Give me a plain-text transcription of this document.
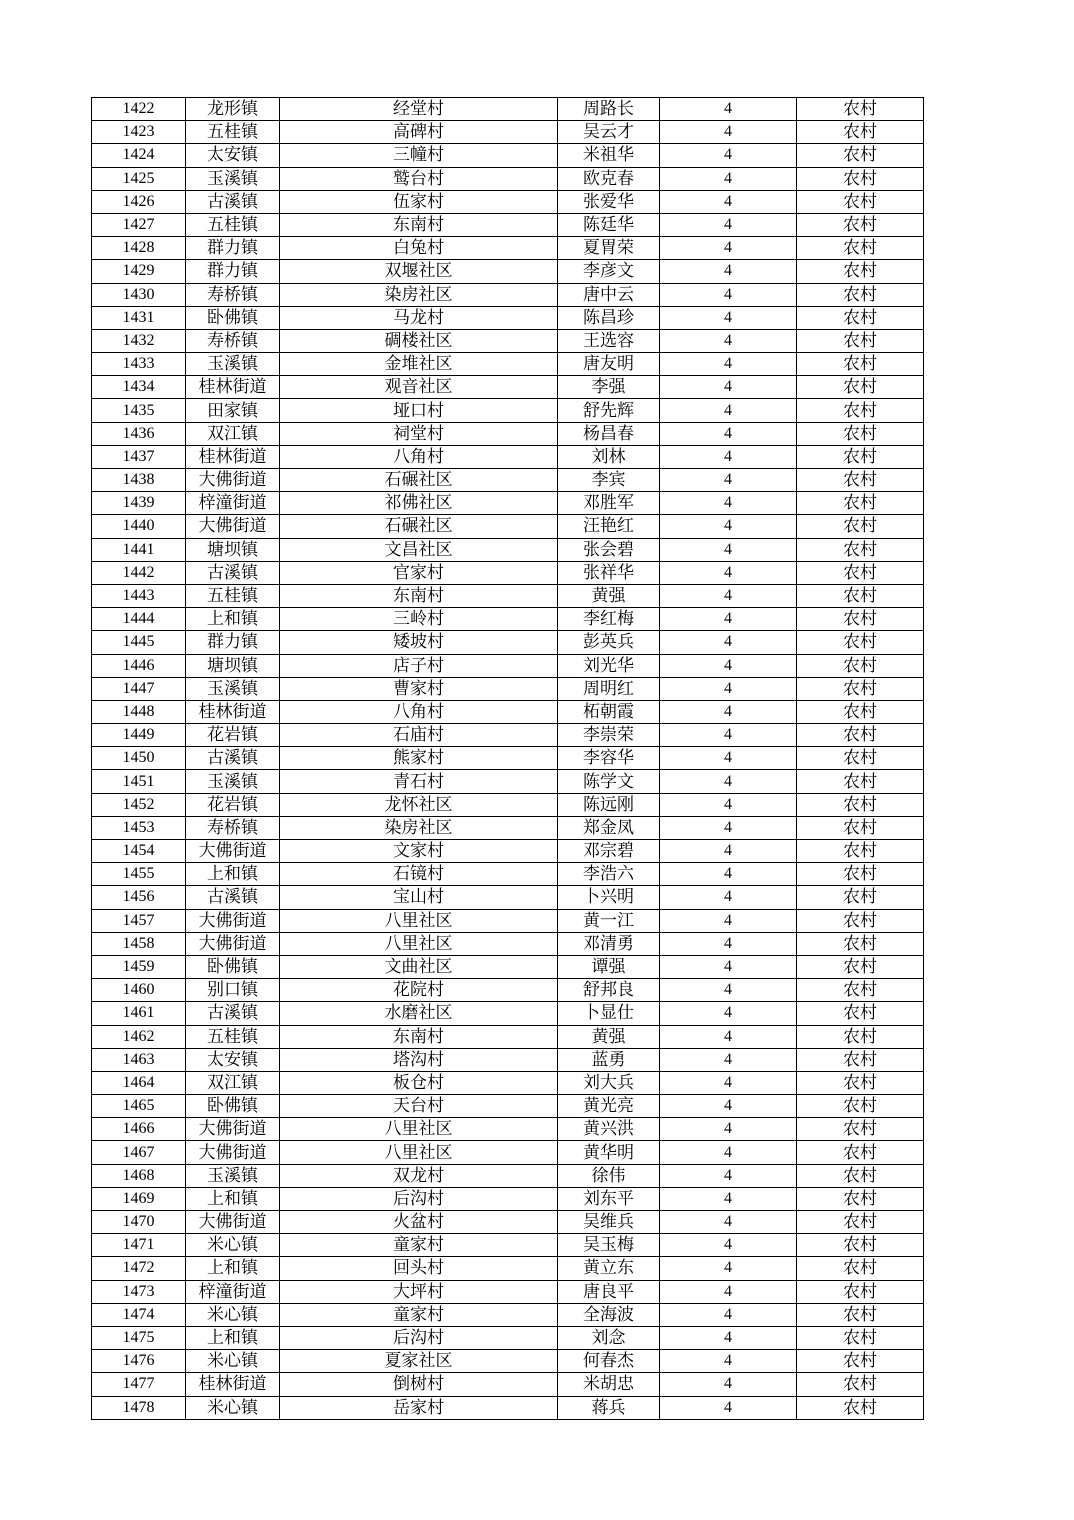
1422	龙形镇	经堂村	周路长	4	农村
1423	五桂镇	高碑村	吴云才	4	农村
1424	太安镇	三幢村	米祖华	4	农村
1425	玉溪镇	鹫台村	欧克春	4	农村
1426	古溪镇	伍家村	张爱华	4	农村
1427	五桂镇	东南村	陈廷华	4	农村
1428	群力镇	白兔村	夏胃荣	4	农村
1429	群力镇	双堰社区	李彦文	4	农村
1430	寿桥镇	染房社区	唐中云	4	农村
1431	卧佛镇	马龙村	陈昌珍	4	农村
1432	寿桥镇	碉楼社区	王选容	4	农村
1433	玉溪镇	金堆社区	唐友明	4	农村
1434	桂林街道	观音社区	李强	4	农村
1435	田家镇	垭口村	舒先辉	4	农村
1436	双江镇	祠堂村	杨昌春	4	农村
1437	桂林街道	八角村	刘林	4	农村
1438	大佛街道	石碾社区	李宾	4	农村
1439	梓潼街道	祁佛社区	邓胜军	4	农村
1440	大佛街道	石碾社区	汪艳红	4	农村
1441	塘坝镇	文昌社区	张会碧	4	农村
1442	古溪镇	官家村	张祥华	4	农村
1443	五桂镇	东南村	黄强	4	农村
1444	上和镇	三岭村	李红梅	4	农村
1445	群力镇	矮坡村	彭英兵	4	农村
1446	塘坝镇	店子村	刘光华	4	农村
1447	玉溪镇	曹家村	周明红	4	农村
1448	桂林街道	八角村	柘朝霞	4	农村
1449	花岩镇	石庙村	李崇荣	4	农村
1450	古溪镇	熊家村	李容华	4	农村
1451	玉溪镇	青石村	陈学文	4	农村
1452	花岩镇	龙怀社区	陈远刚	4	农村
1453	寿桥镇	染房社区	郑金凤	4	农村
1454	大佛街道	文家村	邓宗碧	4	农村
1455	上和镇	石镜村	李浩六	4	农村
1456	古溪镇	宝山村	卜兴明	4	农村
1457	大佛街道	八里社区	黄一江	4	农村
1458	大佛街道	八里社区	邓清勇	4	农村
1459	卧佛镇	文曲社区	谭强	4	农村
1460	别口镇	花院村	舒邦良	4	农村
1461	古溪镇	水磨社区	卜显仕	4	农村
1462	五桂镇	东南村	黄强	4	农村
1463	太安镇	塔沟村	蓝勇	4	农村
1464	双江镇	板仓村	刘大兵	4	农村
1465	卧佛镇	天台村	黄光亮	4	农村
1466	大佛街道	八里社区	黄兴洪	4	农村
1467	大佛街道	八里社区	黄华明	4	农村
1468	玉溪镇	双龙村	徐伟	4	农村
1469	上和镇	后沟村	刘东平	4	农村
1470	大佛街道	火盆村	吴维兵	4	农村
1471	米心镇	童家村	吴玉梅	4	农村
1472	上和镇	回头村	黄立东	4	农村
1473	梓潼街道	大坪村	唐良平	4	农村
1474	米心镇	童家村	全海波	4	农村
1475	上和镇	后沟村	刘念	4	农村
1476	米心镇	夏家社区	何春杰	4	农村
1477	桂林街道	倒树村	米胡忠	4	农村
1478	米心镇	岳家村	蒋兵	4	农村
